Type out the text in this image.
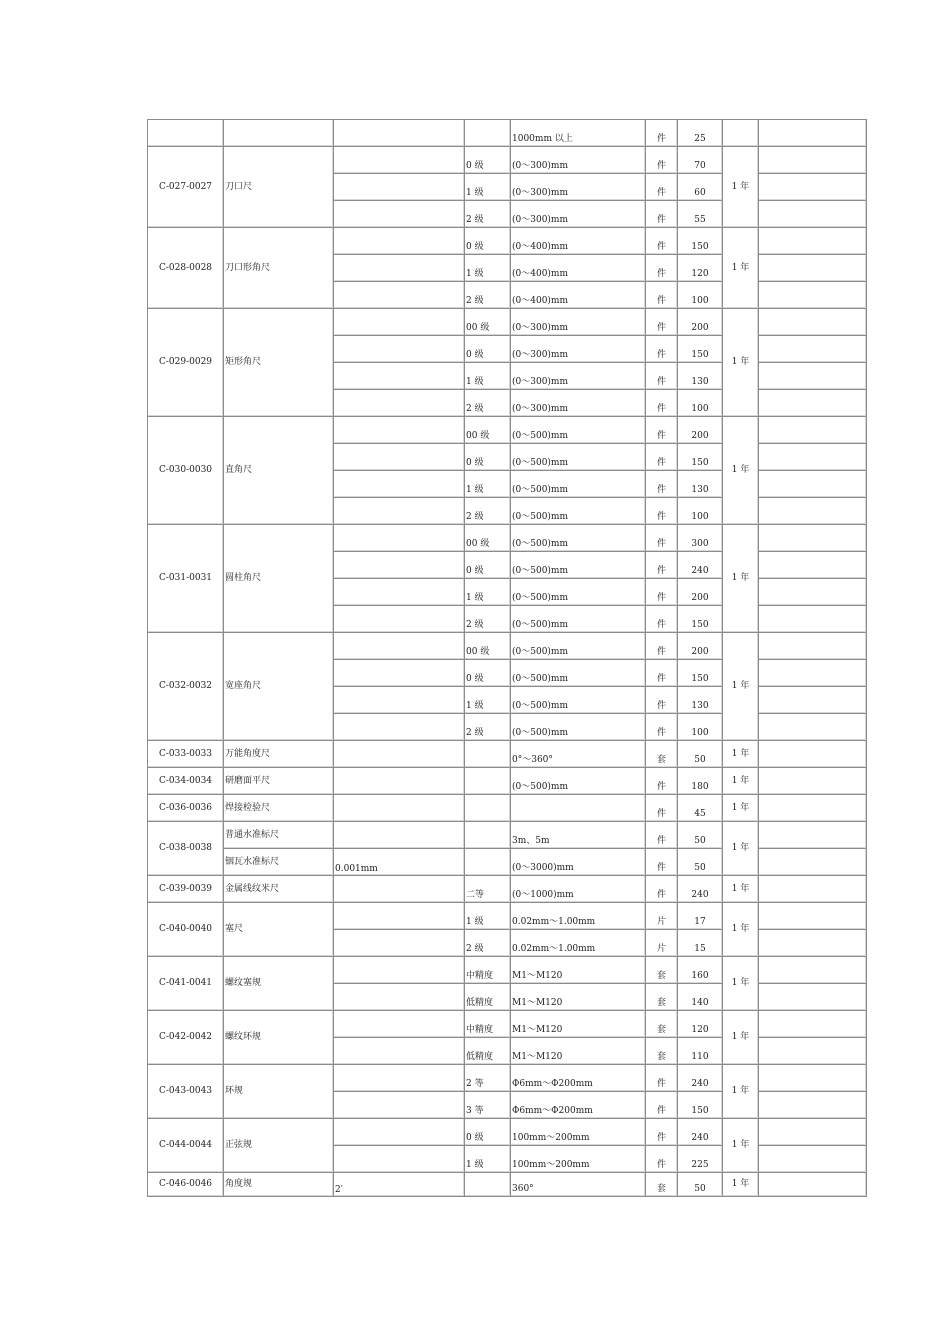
				1000mm 以上	件	25		
C-027-0027	刀口尺		0 级	(0～300)mm	件	70	1 年	
			1 级	(0～300)mm	件	60		
			2 级	(0～300)mm	件	55		
C-028-0028	刀口形角尺		0 级	(0～400)mm	件	150	1 年	
			1 级	(0～400)mm	件	120		
			2 级	(0～400)mm	件	100		
C-029-0029	矩形角尺		00 级	(0～300)mm	件	200	1 年	
			0 级	(0～300)mm	件	150		
			1 级	(0～300)mm	件	130		
			2 级	(0～300)mm	件	100		
C-030-0030	直角尺		00 级	(0～500)mm	件	200	1 年	
			0 级	(0～500)mm	件	150		
			1 级	(0～500)mm	件	130		
			2 级	(0～500)mm	件	100		
C-031-0031	圆柱角尺		00 级	(0～500)mm	件	300	1 年	
			0 级	(0～500)mm	件	240		
			1 级	(0～500)mm	件	200		
			2 级	(0～500)mm	件	150		
C-032-0032	宽座角尺		00 级	(0～500)mm	件	200	1 年	
			0 级	(0～500)mm	件	150		
			1 级	(0～500)mm	件	130		
			2 级	(0～500)mm	件	100		
C-033-0033	万能角度尺			0°～360°	套	50	1 年	
C-034-0034	研磨面平尺			(0～500)mm	件	180	1 年	
C-036-0036	焊接检验尺				件	45	1 年	
C-038-0038	普通水准标尺			3m、5m	件	50	1 年	
	铟瓦水准标尺	0.001mm		(0～3000)mm	件	50		
C-039-0039	金属线纹米尺		二等	(0～1000)mm	件	240	1 年	
C-040-0040	塞尺		1 级	0.02mm～1.00mm	片	17	1 年	
			2 级	0.02mm～1.00mm	片	15		
C-041-0041	螺纹塞规		中精度	M1～M120	套	160	1 年	
			低精度	M1～M120	套	140		
C-042-0042	螺纹环规		中精度	M1～M120	套	120	1 年	
			低精度	M1～M120	套	110		
C-043-0043	环规		2 等	Φ6mm～Φ200mm	件	240	1 年	
			3 等	Φ6mm～Φ200mm	件	150		
C-044-0044	正弦规		0 级	100mm～200mm	件	240	1 年	
			1 级	100mm～200mm	件	225		
C-046-0046	角度规	2′		360°	套	50	1 年	
